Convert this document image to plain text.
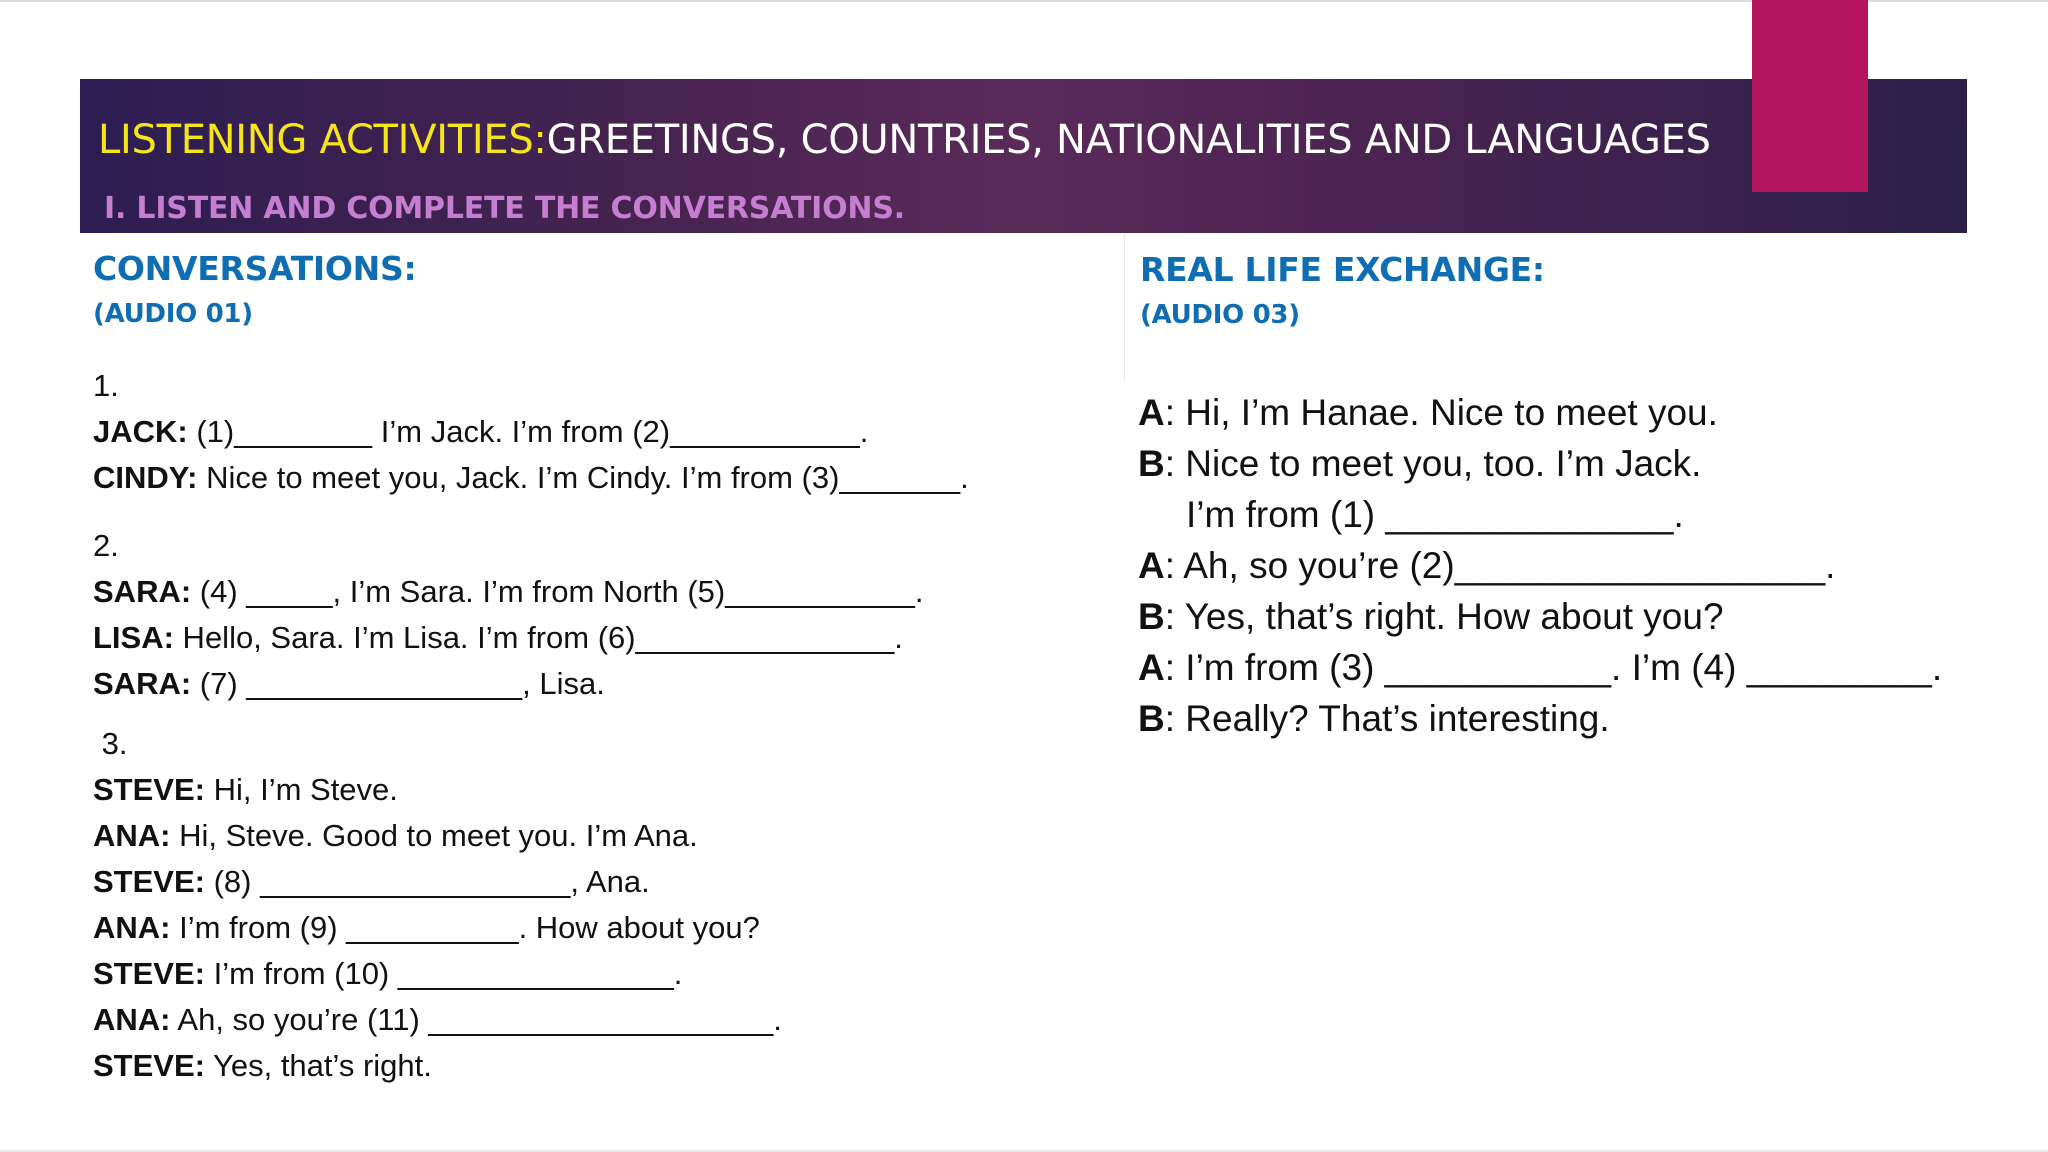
LISTENING ACTIVITIES:GREETINGS, COUNTRIES, NATIONALITIES AND LANGUAGES
I. LISTEN AND COMPLETE THE CONVERSATIONS.
CONVERSATIONS:
(AUDIO 01)
REAL LIFE EXCHANGE:
(AUDIO 03)
1.
JACK: (1)________ I’m Jack. I’m from (2)___________.
CINDY: Nice to meet you, Jack. I’m Cindy. I’m from (3)_______.
2.
SARA: (4) _____, I’m Sara. I’m from North (5)___________.
LISA: Hello, Sara. I’m Lisa. I’m from (6)_______________.
SARA: (7) ________________, Lisa.
3.
STEVE: Hi, I’m Steve.
ANA: Hi, Steve. Good to meet you. I’m Ana.
STEVE: (8) __________________, Ana.
ANA: I’m from (9) __________. How about you?
STEVE: I’m from (10) ________________.
ANA: Ah, so you’re (11) ____________________.
STEVE: Yes, that’s right.
A: Hi, I’m Hanae. Nice to meet you.
B: Nice to meet you, too. I’m Jack.
I’m from (1) ______________.
A: Ah, so you’re (2)__________________.
B: Yes, that’s right. How about you?
A: I’m from (3) ___________. I’m (4) _________.
B: Really? That’s interesting.
